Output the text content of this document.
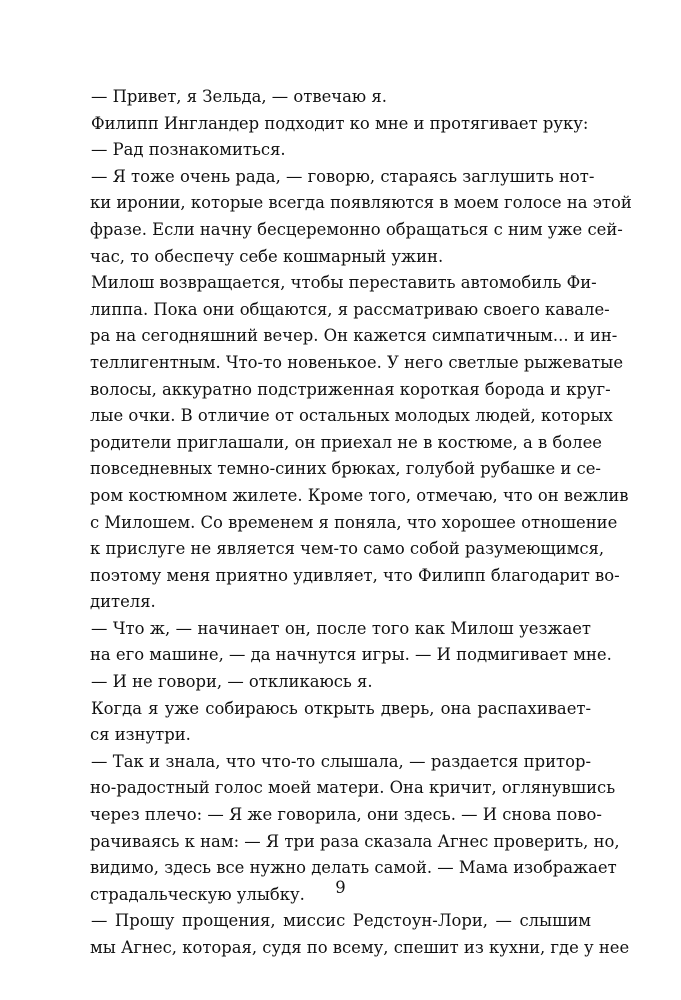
— Привет, я Зельда, — отвечаю я.
Филипп Ингландер подходит ко мне и протягивает руку:
— Рад познакомиться.
— Я тоже очень рада, — говорю, стараясь заглушить нот-
ки иронии, которые всегда появляются в моем голосе на этой
фразе. Если начну бесцеремонно обращаться с ним уже сей-
час, то обеспечу себе кошмарный ужин.
Милош возвращается, чтобы переставить автомобиль Фи-
липпа. Пока они общаются, я рассматриваю своего кавале-
ра на сегодняшний вечер. Он кажется симпатичным... и ин-
теллигентным. Что-то новенькое. У него светлые рыжеватые
волосы, аккуратно подстриженная короткая борода и круг-
лые очки. В отличие от остальных молодых людей, которых
родители приглашали, он приехал не в костюме, а в более
повседневных темно-синих брюках, голубой рубашке и се-
ром костюмном жилете. Кроме того, отмечаю, что он вежлив
с Милошем. Со временем я поняла, что хорошее отношение
к прислуге не является чем-то само собой разумеющимся,
поэтому меня приятно удивляет, что Филипп благодарит во-
дителя.
— Что ж, — начинает он, после того как Милош уезжает
на его машине, — да начнутся игры. — И подмигивает мне.
— И не говори, — откликаюсь я.
Когда я уже собираюсь открыть дверь, она распахивает-
ся изнутри.
— Так и знала, что что-то слышала, — раздается притор-
но-радостный голос моей матери. Она кричит, оглянувшись
через плечо: — Я же говорила, они здесь. — И снова пово-
рачиваясь к нам: — Я три раза сказала Агнес проверить, но,
видимо, здесь все нужно делать самой. — Мама изображает
страдальческую улыбку.
— Прошу прощения, миссис Редстоун-Лори, — слышим
мы Агнес, которая, судя по всему, спешит из кухни, где у нее
9
